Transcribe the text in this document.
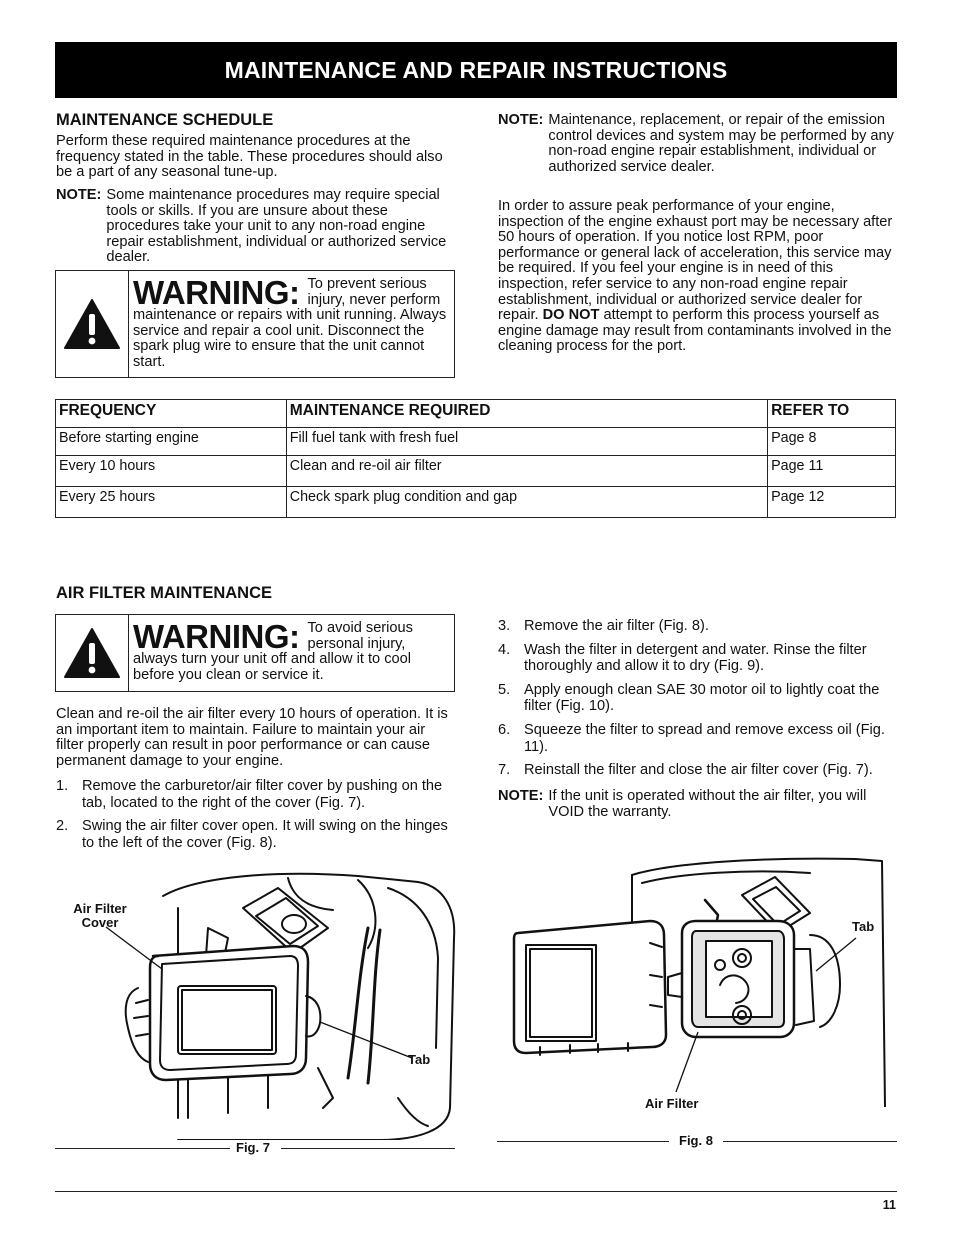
MAINTENANCE AND REPAIR INSTRUCTIONS
MAINTENANCE SCHEDULE
Perform these required maintenance procedures at the frequency stated in the table. These procedures should also be a part of any seasonal tune-up.
NOTE: Some maintenance procedures may require special tools or skills. If you are unsure about these procedures take your unit to any non-road engine repair establishment, individual or authorized service dealer.
WARNING: To prevent serious injury, never perform maintenance or repairs with unit running. Always service and repair a cool unit. Disconnect the spark plug wire to ensure that the unit cannot start.
NOTE: Maintenance, replacement, or repair of the emission control devices and system may be performed by any non-road engine repair establishment, individual or authorized service dealer.
In order to assure peak performance of your engine, inspection of the engine exhaust port may be necessary after 50 hours of operation. If you notice lost RPM, poor performance or general lack of acceleration, this service may be required. If you feel your engine is in need of this inspection, refer service to any non-road engine repair establishment, individual or authorized service dealer for repair. DO NOT attempt to perform this process yourself as engine damage may result from contaminants involved in the cleaning process for the port.
FREQUENCY	MAINTENANCE REQUIRED	REFER TO
Before starting engine	Fill fuel tank with fresh fuel	Page 8
Every 10 hours	Clean and re-oil air filter	Page 11
Every 25 hours	Check spark plug condition and gap	Page 12
AIR FILTER MAINTENANCE
WARNING: To avoid serious personal injury, always turn your unit off and allow it to cool before you clean or service it.
Clean and re-oil the air filter every 10 hours of operation. It is an important item to maintain. Failure to maintain your air filter properly can result in poor performance or can cause permanent damage to your engine.
1. Remove the carburetor/air filter cover by pushing on the tab, located to the right of the cover (Fig. 7).
2. Swing the air filter cover open. It will swing on the hinges to the left of the cover (Fig. 8).
3. Remove the air filter (Fig. 8).
4. Wash the filter in detergent and water. Rinse the filter thoroughly and allow it to dry (Fig. 9).
5. Apply enough clean SAE 30 motor oil to lightly coat the filter (Fig. 10).
6. Squeeze the filter to spread and remove excess oil (Fig. 11).
7. Reinstall the filter and close the air filter cover (Fig. 7).
NOTE: If the unit is operated without the air filter, you will VOID the warranty.
Air Filter Cover
Tab
Fig. 7
Tab
Air Filter
Fig. 8
11
